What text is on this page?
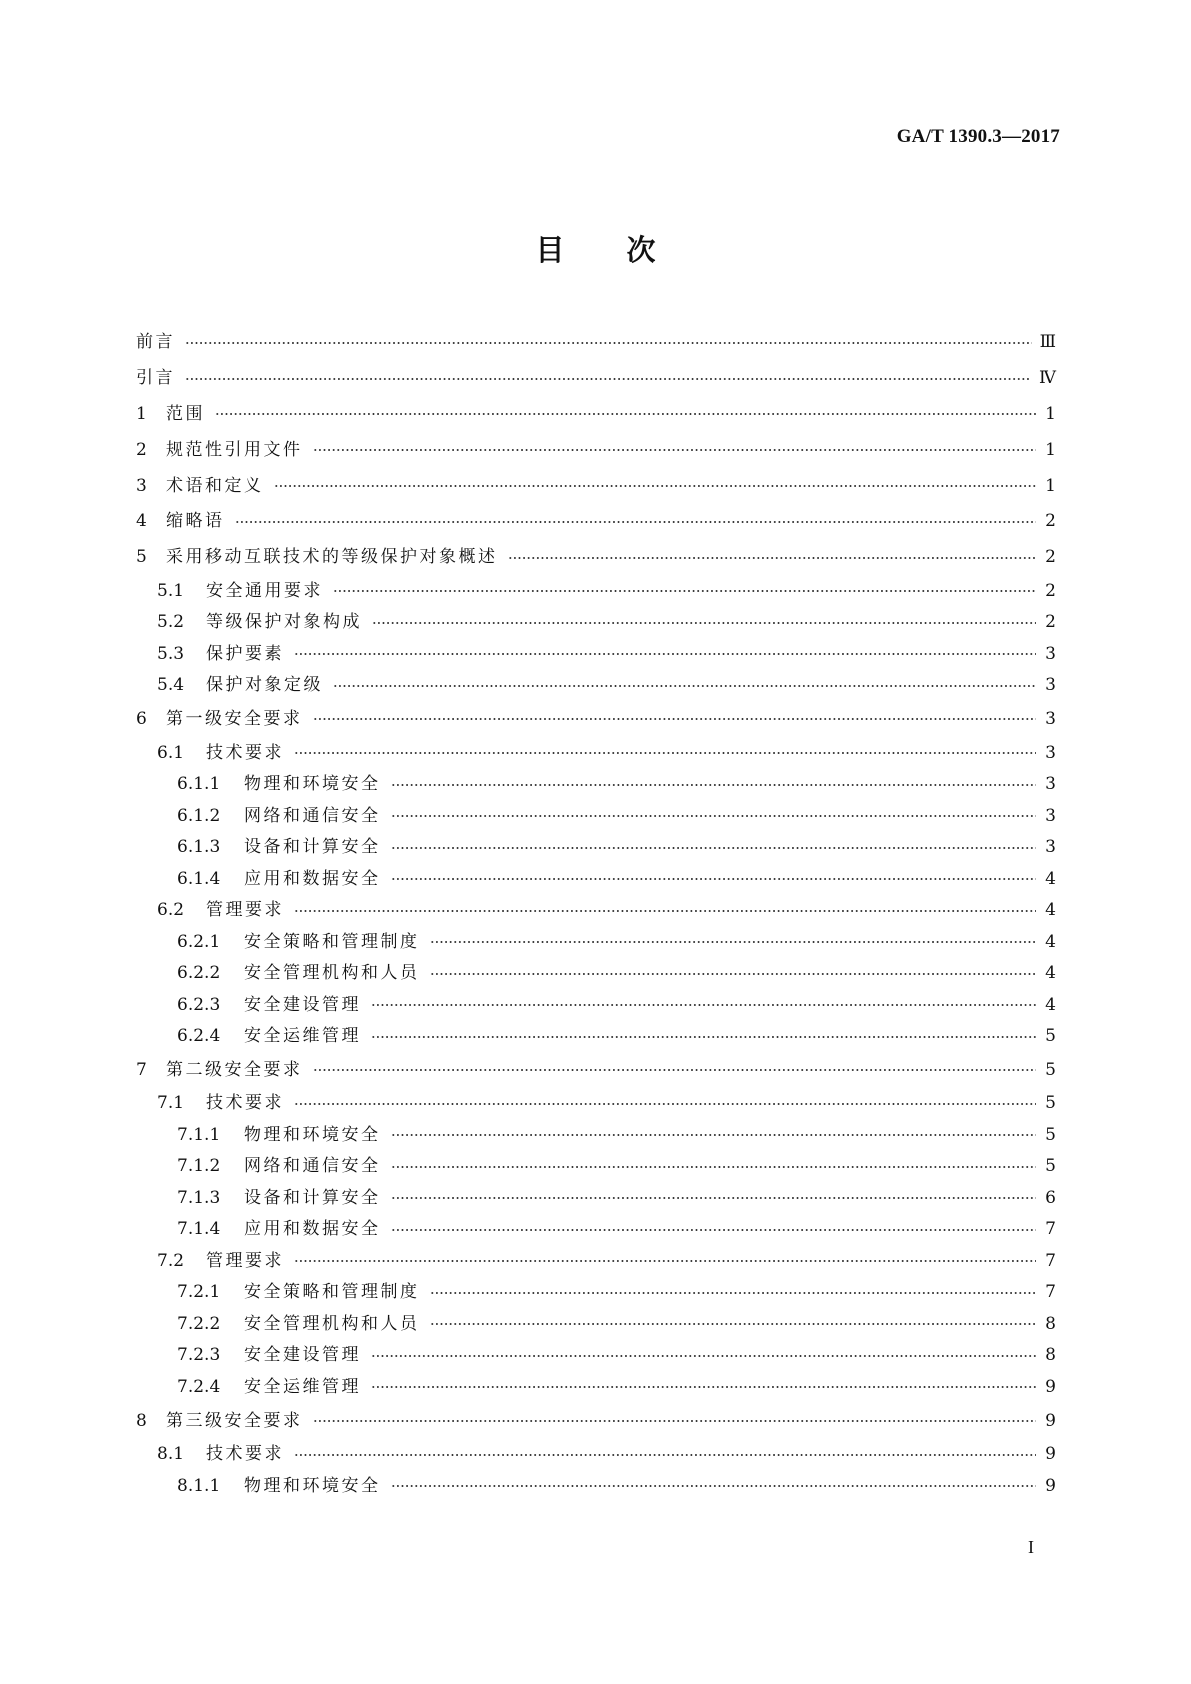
GA/T 1390.3—2017
目 次
前言	Ⅲ
引言	Ⅳ
1	范围	1
2	规范性引用文件	1
3	术语和定义	1
4	缩略语	2
5	采用移动互联技术的等级保护对象概述	2
5.1	安全通用要求	2
5.2	等级保护对象构成	2
5.3	保护要素	3
5.4	保护对象定级	3
6	第一级安全要求	3
6.1	技术要求	3
6.1.1	物理和环境安全	3
6.1.2	网络和通信安全	3
6.1.3	设备和计算安全	3
6.1.4	应用和数据安全	4
6.2	管理要求	4
6.2.1	安全策略和管理制度	4
6.2.2	安全管理机构和人员	4
6.2.3	安全建设管理	4
6.2.4	安全运维管理	5
7	第二级安全要求	5
7.1	技术要求	5
7.1.1	物理和环境安全	5
7.1.2	网络和通信安全	5
7.1.3	设备和计算安全	6
7.1.4	应用和数据安全	7
7.2	管理要求	7
7.2.1	安全策略和管理制度	7
7.2.2	安全管理机构和人员	8
7.2.3	安全建设管理	8
7.2.4	安全运维管理	9
8	第三级安全要求	9
8.1	技术要求	9
8.1.1	物理和环境安全	9
I
